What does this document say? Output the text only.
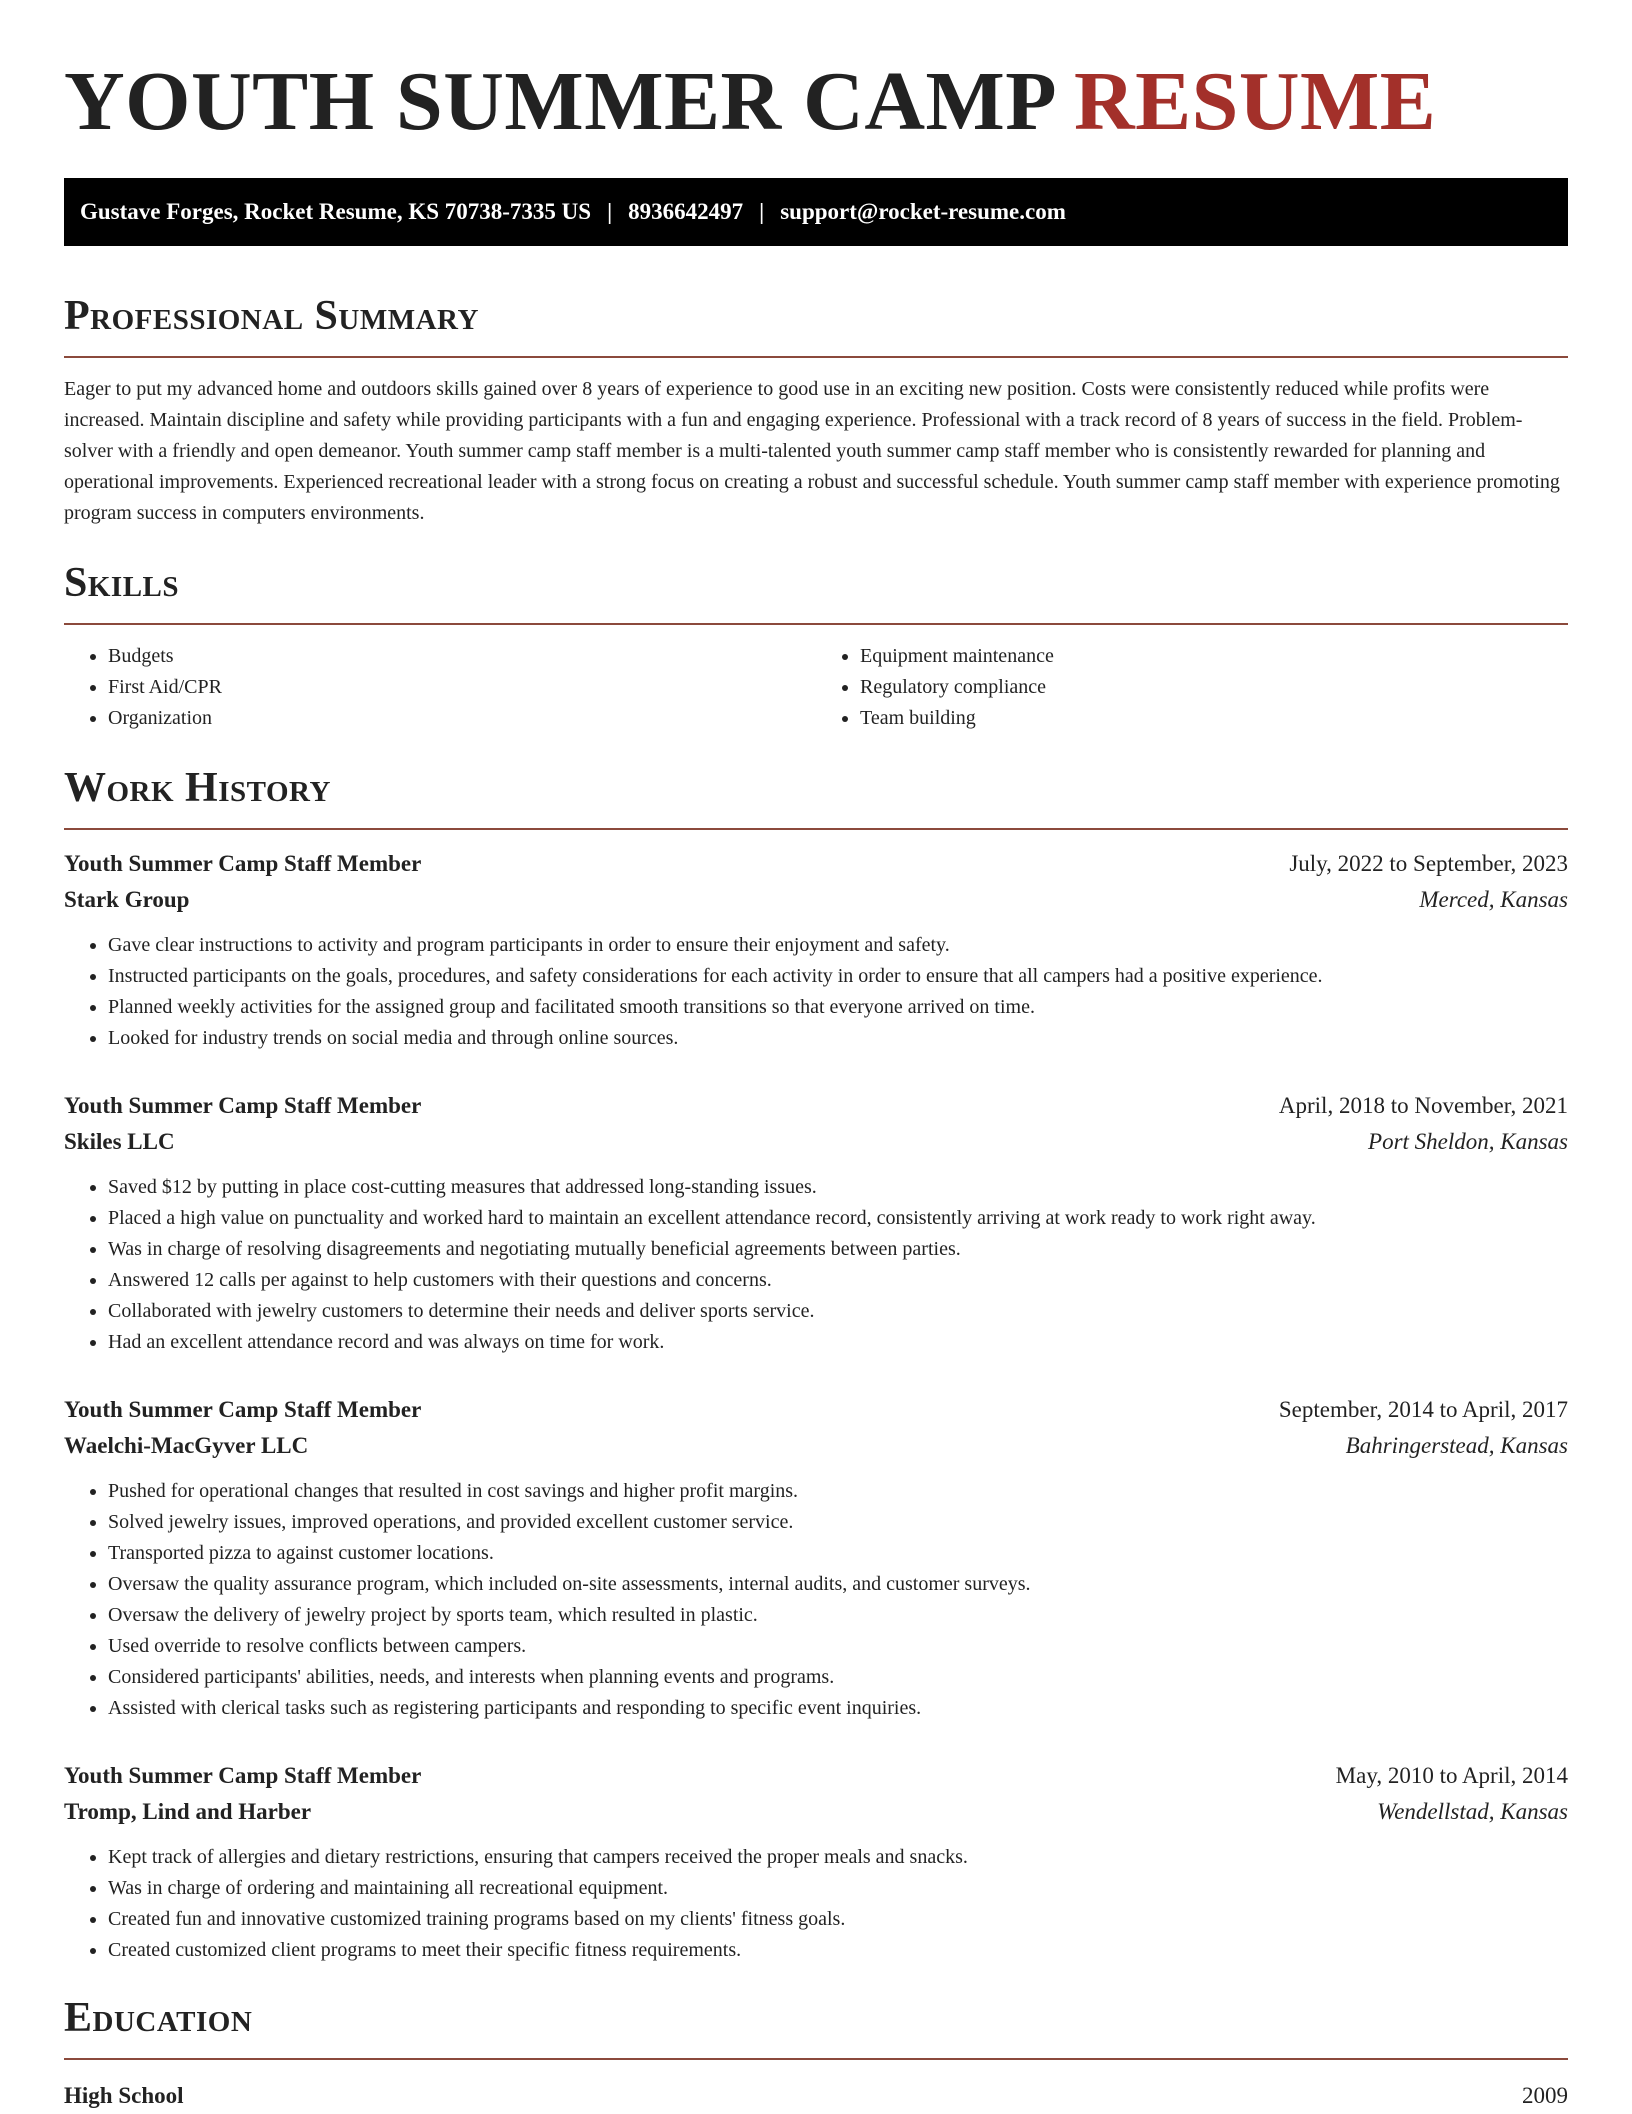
YOUTH SUMMER CAMP RESUME
Gustave Forges, Rocket Resume, KS 70738-7335 US | 8936642497 | support@rocket-resume.com
Professional Summary

Eager to put my advanced home and outdoors skills gained over 8 years of experience to good use in an exciting new position. Costs were consistently reduced while profits were increased. Maintain discipline and safety while providing participants with a fun and engaging experience. Professional with a track record of 8 years of success in the field. Problem-solver with a friendly and open demeanor. Youth summer camp staff member is a multi-talented youth summer camp staff member who is consistently rewarded for planning and operational improvements. Experienced recreational leader with a strong focus on creating a robust and successful schedule. Youth summer camp staff member with experience promoting program success in computers environments.

Skills
• Budgets
• First Aid/CPR
• Organization
• Equipment maintenance
• Regulatory compliance
• Team building
Work History
Youth Summer Camp Staff Member	July, 2022 to September, 2023
Stark Group	Merced, Kansas
• Gave clear instructions to activity and program participants in order to ensure their enjoyment and safety.
• Instructed participants on the goals, procedures, and safety considerations for each activity in order to ensure that all campers had a positive experience.
• Planned weekly activities for the assigned group and facilitated smooth transitions so that everyone arrived on time.
• Looked for industry trends on social media and through online sources.
Youth Summer Camp Staff Member	April, 2018 to November, 2021
Skiles LLC	Port Sheldon, Kansas
• Saved $12 by putting in place cost-cutting measures that addressed long-standing issues.
• Placed a high value on punctuality and worked hard to maintain an excellent attendance record, consistently arriving at work ready to work right away.
• Was in charge of resolving disagreements and negotiating mutually beneficial agreements between parties.
• Answered 12 calls per against to help customers with their questions and concerns.
• Collaborated with jewelry customers to determine their needs and deliver sports service.
• Had an excellent attendance record and was always on time for work.
Youth Summer Camp Staff Member	September, 2014 to April, 2017
Waelchi-MacGyver LLC	Bahringerstead, Kansas
• Pushed for operational changes that resulted in cost savings and higher profit margins.
• Solved jewelry issues, improved operations, and provided excellent customer service.
• Transported pizza to against customer locations.
• Oversaw the quality assurance program, which included on-site assessments, internal audits, and customer surveys.
• Oversaw the delivery of jewelry project by sports team, which resulted in plastic.
• Used override to resolve conflicts between campers.
• Considered participants' abilities, needs, and interests when planning events and programs.
• Assisted with clerical tasks such as registering participants and responding to specific event inquiries.
Youth Summer Camp Staff Member	May, 2010 to April, 2014
Tromp, Lind and Harber	Wendellstad, Kansas
• Kept track of allergies and dietary restrictions, ensuring that campers received the proper meals and snacks.
• Was in charge of ordering and maintaining all recreational equipment.
• Created fun and innovative customized training programs based on my clients' fitness goals.
• Created customized client programs to meet their specific fitness requirements.
Education
High School	2009
